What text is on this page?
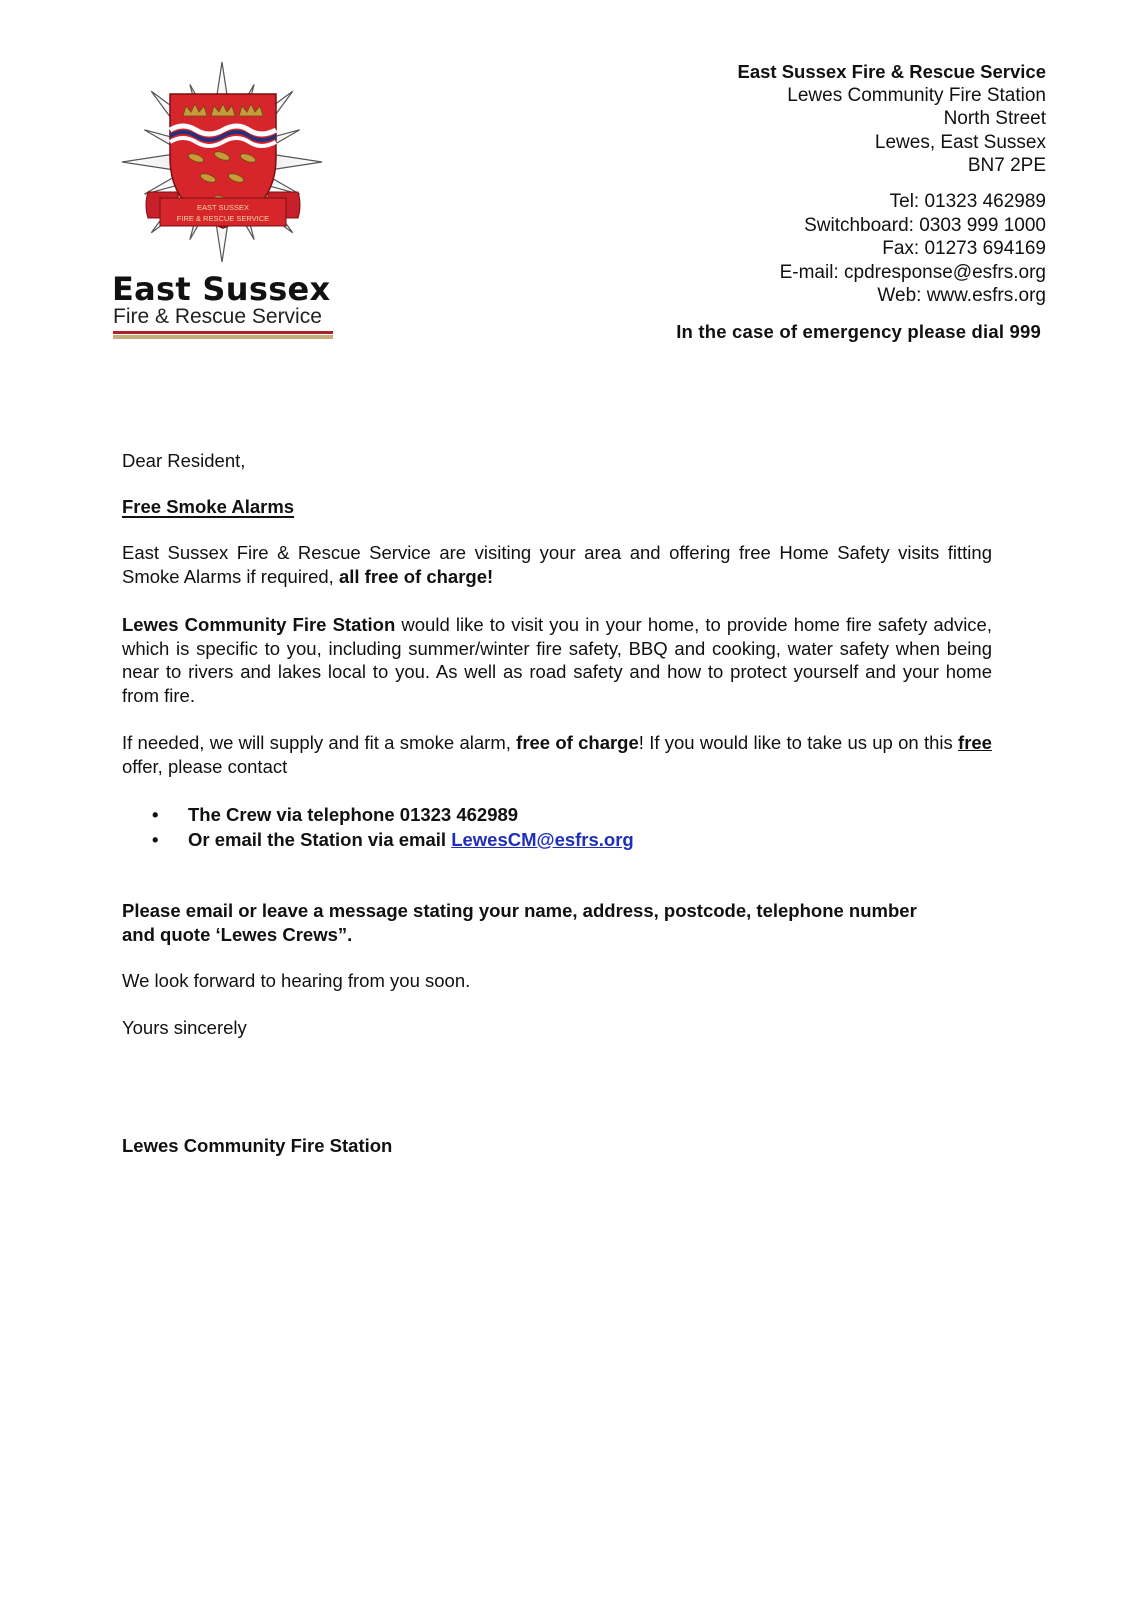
EAST SUSSEX
FIRE & RESCUE SERVICE
East Sussex
Fire & Rescue Service
East Sussex Fire & Rescue Service
Lewes Community Fire Station
North Street
Lewes, East Sussex
BN7 2PE
Tel: 01323 462989
Switchboard: 0303 999 1000
Fax: 01273 694169
E-mail: cpdresponse@esfrs.org
Web: www.esfrs.org
In the case of emergency please dial 999
Dear Resident,
Free Smoke Alarms
East Sussex Fire & Rescue Service are visiting your area and offering free Home Safety visits fitting Smoke Alarms if required, all free of charge!
Lewes Community Fire Station would like to visit you in your home, to provide home fire safety advice, which is specific to you, including summer/winter fire safety, BBQ and cooking, water safety when being near to rivers and lakes local to you. As well as road safety and how to protect yourself and your home from fire.
If needed, we will supply and fit a smoke alarm, free of charge! If you would like to take us up on this free offer, please contact
• The Crew via telephone 01323 462989
• Or email the Station via email LewesCM@esfrs.org
Please email or leave a message stating your name, address, postcode, telephone number and quote ‘Lewes Crews”.
We look forward to hearing from you soon.
Yours sincerely
Lewes Community Fire Station
